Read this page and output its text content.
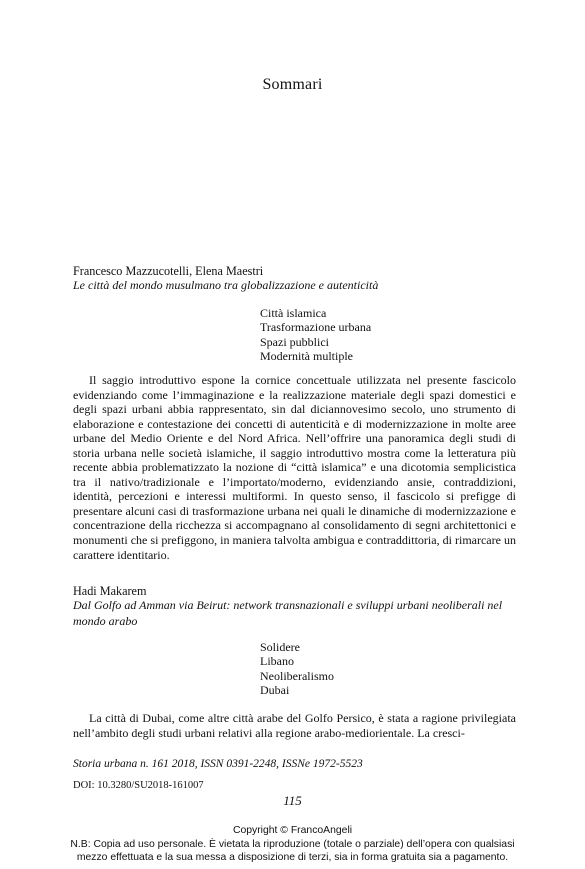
Sommari
Francesco Mazzucotelli, Elena Maestri
Le città del mondo musulmano tra globalizzazione e autenticità
Città islamica
Trasformazione urbana
Spazi pubblici
Modernità multiple

Il saggio introduttivo espone la cornice concettuale utilizzata nel presente fascicolo evidenziando come l’immaginazione e la realizzazione materiale degli spazi domestici e degli spazi urbani abbia rappresentato, sin dal diciannovesimo secolo, uno strumento di elaborazione e contestazione dei concetti di autenticità e di modernizzazione in molte aree urbane del Medio Oriente e del Nord Africa. Nell’offrire una panoramica degli studi di storia urbana nelle società islamiche, il saggio introduttivo mostra come la letteratura più recente abbia problematizzato la nozione di “città islamica” e una dicotomia semplicistica tra il nativo/tradizionale e l’importato/moderno, evidenziando ansie, contraddizioni, identità, percezioni e interessi multiformi. In questo senso, il fascicolo si prefigge di presentare alcuni casi di trasformazione urbana nei quali le dinamiche di modernizzazione e concentrazione della ricchezza si accompagnano al consolidamento di segni architettonici e monumenti che si prefiggono, in maniera talvolta ambigua e contraddittoria, di rimarcare un carattere identitario.

Hadi Makarem
Dal Golfo ad Amman via Beirut: network transnazionali e sviluppi urbani neoliberali nel mondo arabo
Solidere
Libano
Neoliberalismo
Dubai

La città di Dubai, come altre città arabe del Golfo Persico, è stata a ragione privilegiata nell’ambito degli studi urbani relativi alla regione arabo-mediorientale. La cresci-

Storia urbana n. 161 2018, ISSN 0391-2248, ISSNe 1972-5523
DOI: 10.3280/SU2018-161007
115
Copyright © FrancoAngeli
N.B: Copia ad uso personale. È vietata la riproduzione (totale o parziale) dell’opera con qualsiasi
mezzo effettuata e la sua messa a disposizione di terzi, sia in forma gratuita sia a pagamento.
